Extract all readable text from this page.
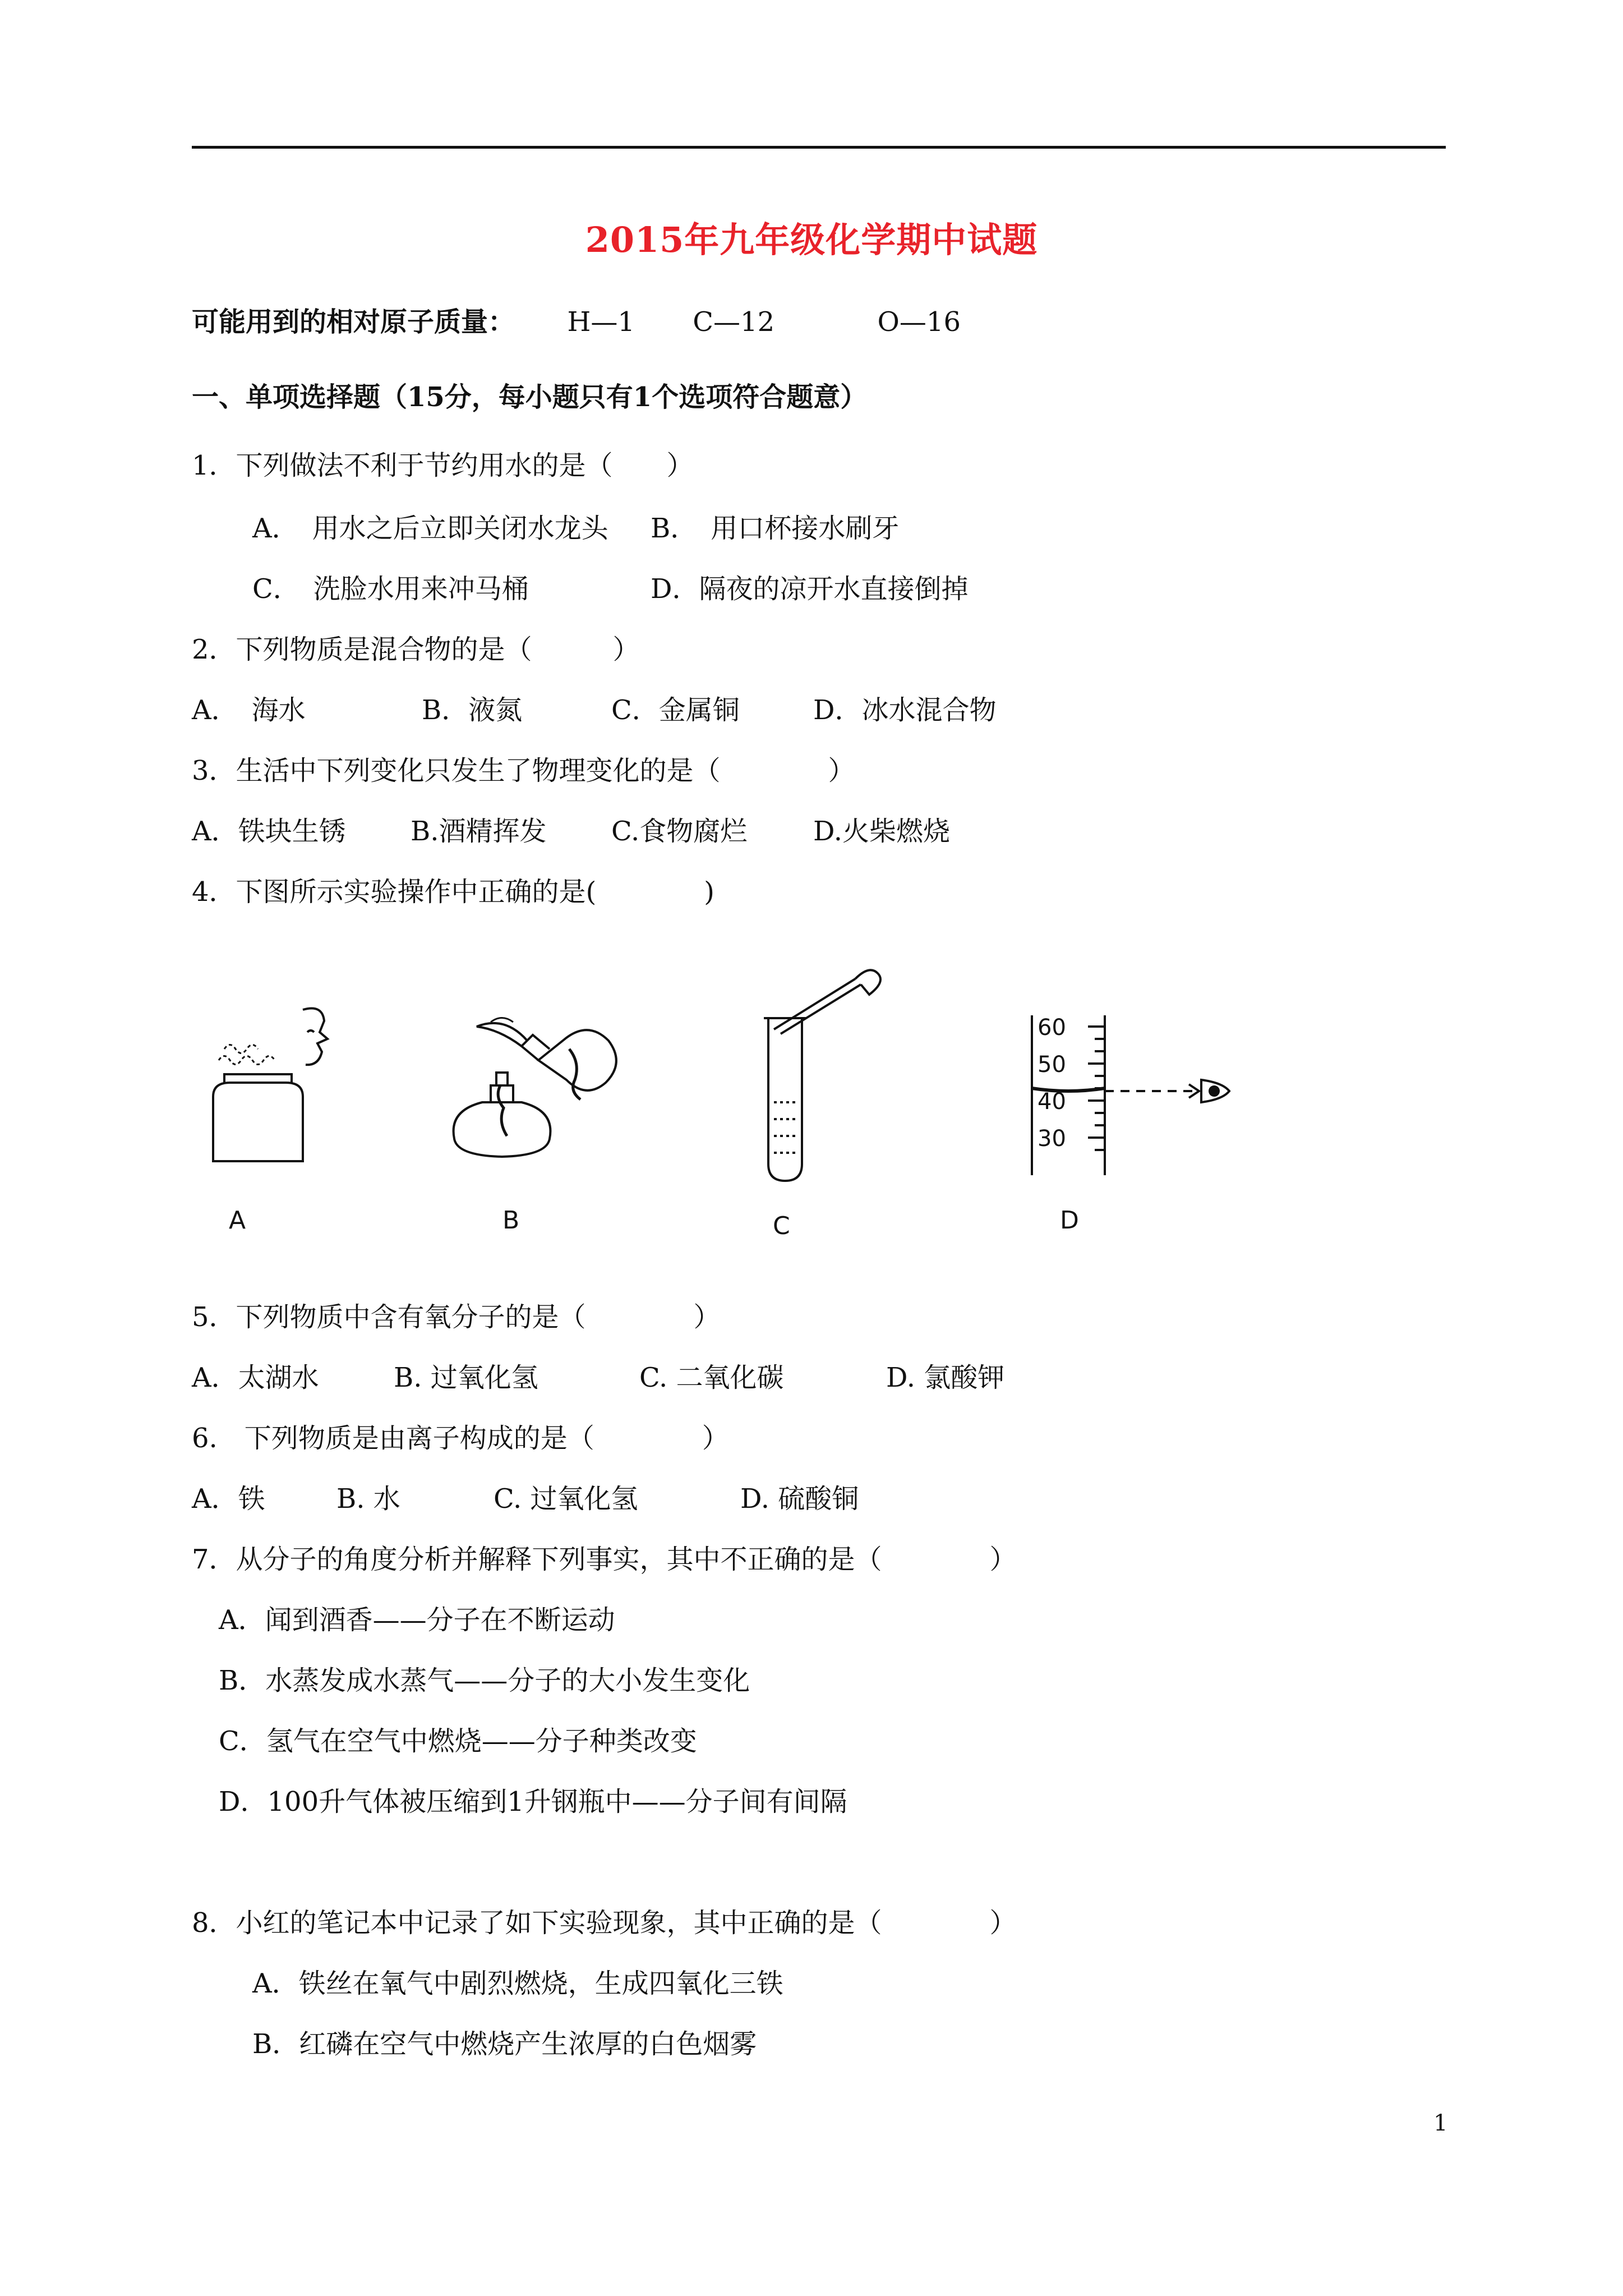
2015年九年级化学期中试题
可能用到的相对原子质量： H—1 C—12	O—16
一、单项选择题（15分，每小题只有1个选项符合题意）
1．下列做法不利于节约用水的是（　　）
A．　用水之后立即关闭水龙头 B．　用口杯接水刷牙
C．　洗脸水用来冲马桶	D．隔夜的凉开水直接倒掉
2．下列物质是混合物的是（　　　）
A．　海水	B．液氮	C．金属铜	D．冰水混合物
3．生活中下列变化只发生了物理变化的是（　　　　）
A．铁块生锈 B.酒精挥发 C.食物腐烂 D.火柴燃烧
4．下图所示实验操作中正确的是(　　　　)
A	B	C
60
50
40
30
D
5．下列物质中含有氧分子的是（　　　　）
A．太湖水	B. 过氧化氢	C. 二氧化碳	D. 氯酸钾
6.　下列物质是由离子构成的是（　　　　）
A．铁	B. 水	C. 过氧化氢	D. 硫酸铜
7．从分子的角度分析并解释下列事实，其中不正确的是（　　　　）
A．闻到酒香——分子在不断运动
B．水蒸发成水蒸气——分子的大小发生变化
C．氢气在空气中燃烧——分子种类改变
D．100升气体被压缩到1升钢瓶中——分子间有间隔
8．小红的笔记本中记录了如下实验现象，其中正确的是（　　　　）
A．铁丝在氧气中剧烈燃烧，生成四氧化三铁
B．红磷在空气中燃烧产生浓厚的白色烟雾
1
